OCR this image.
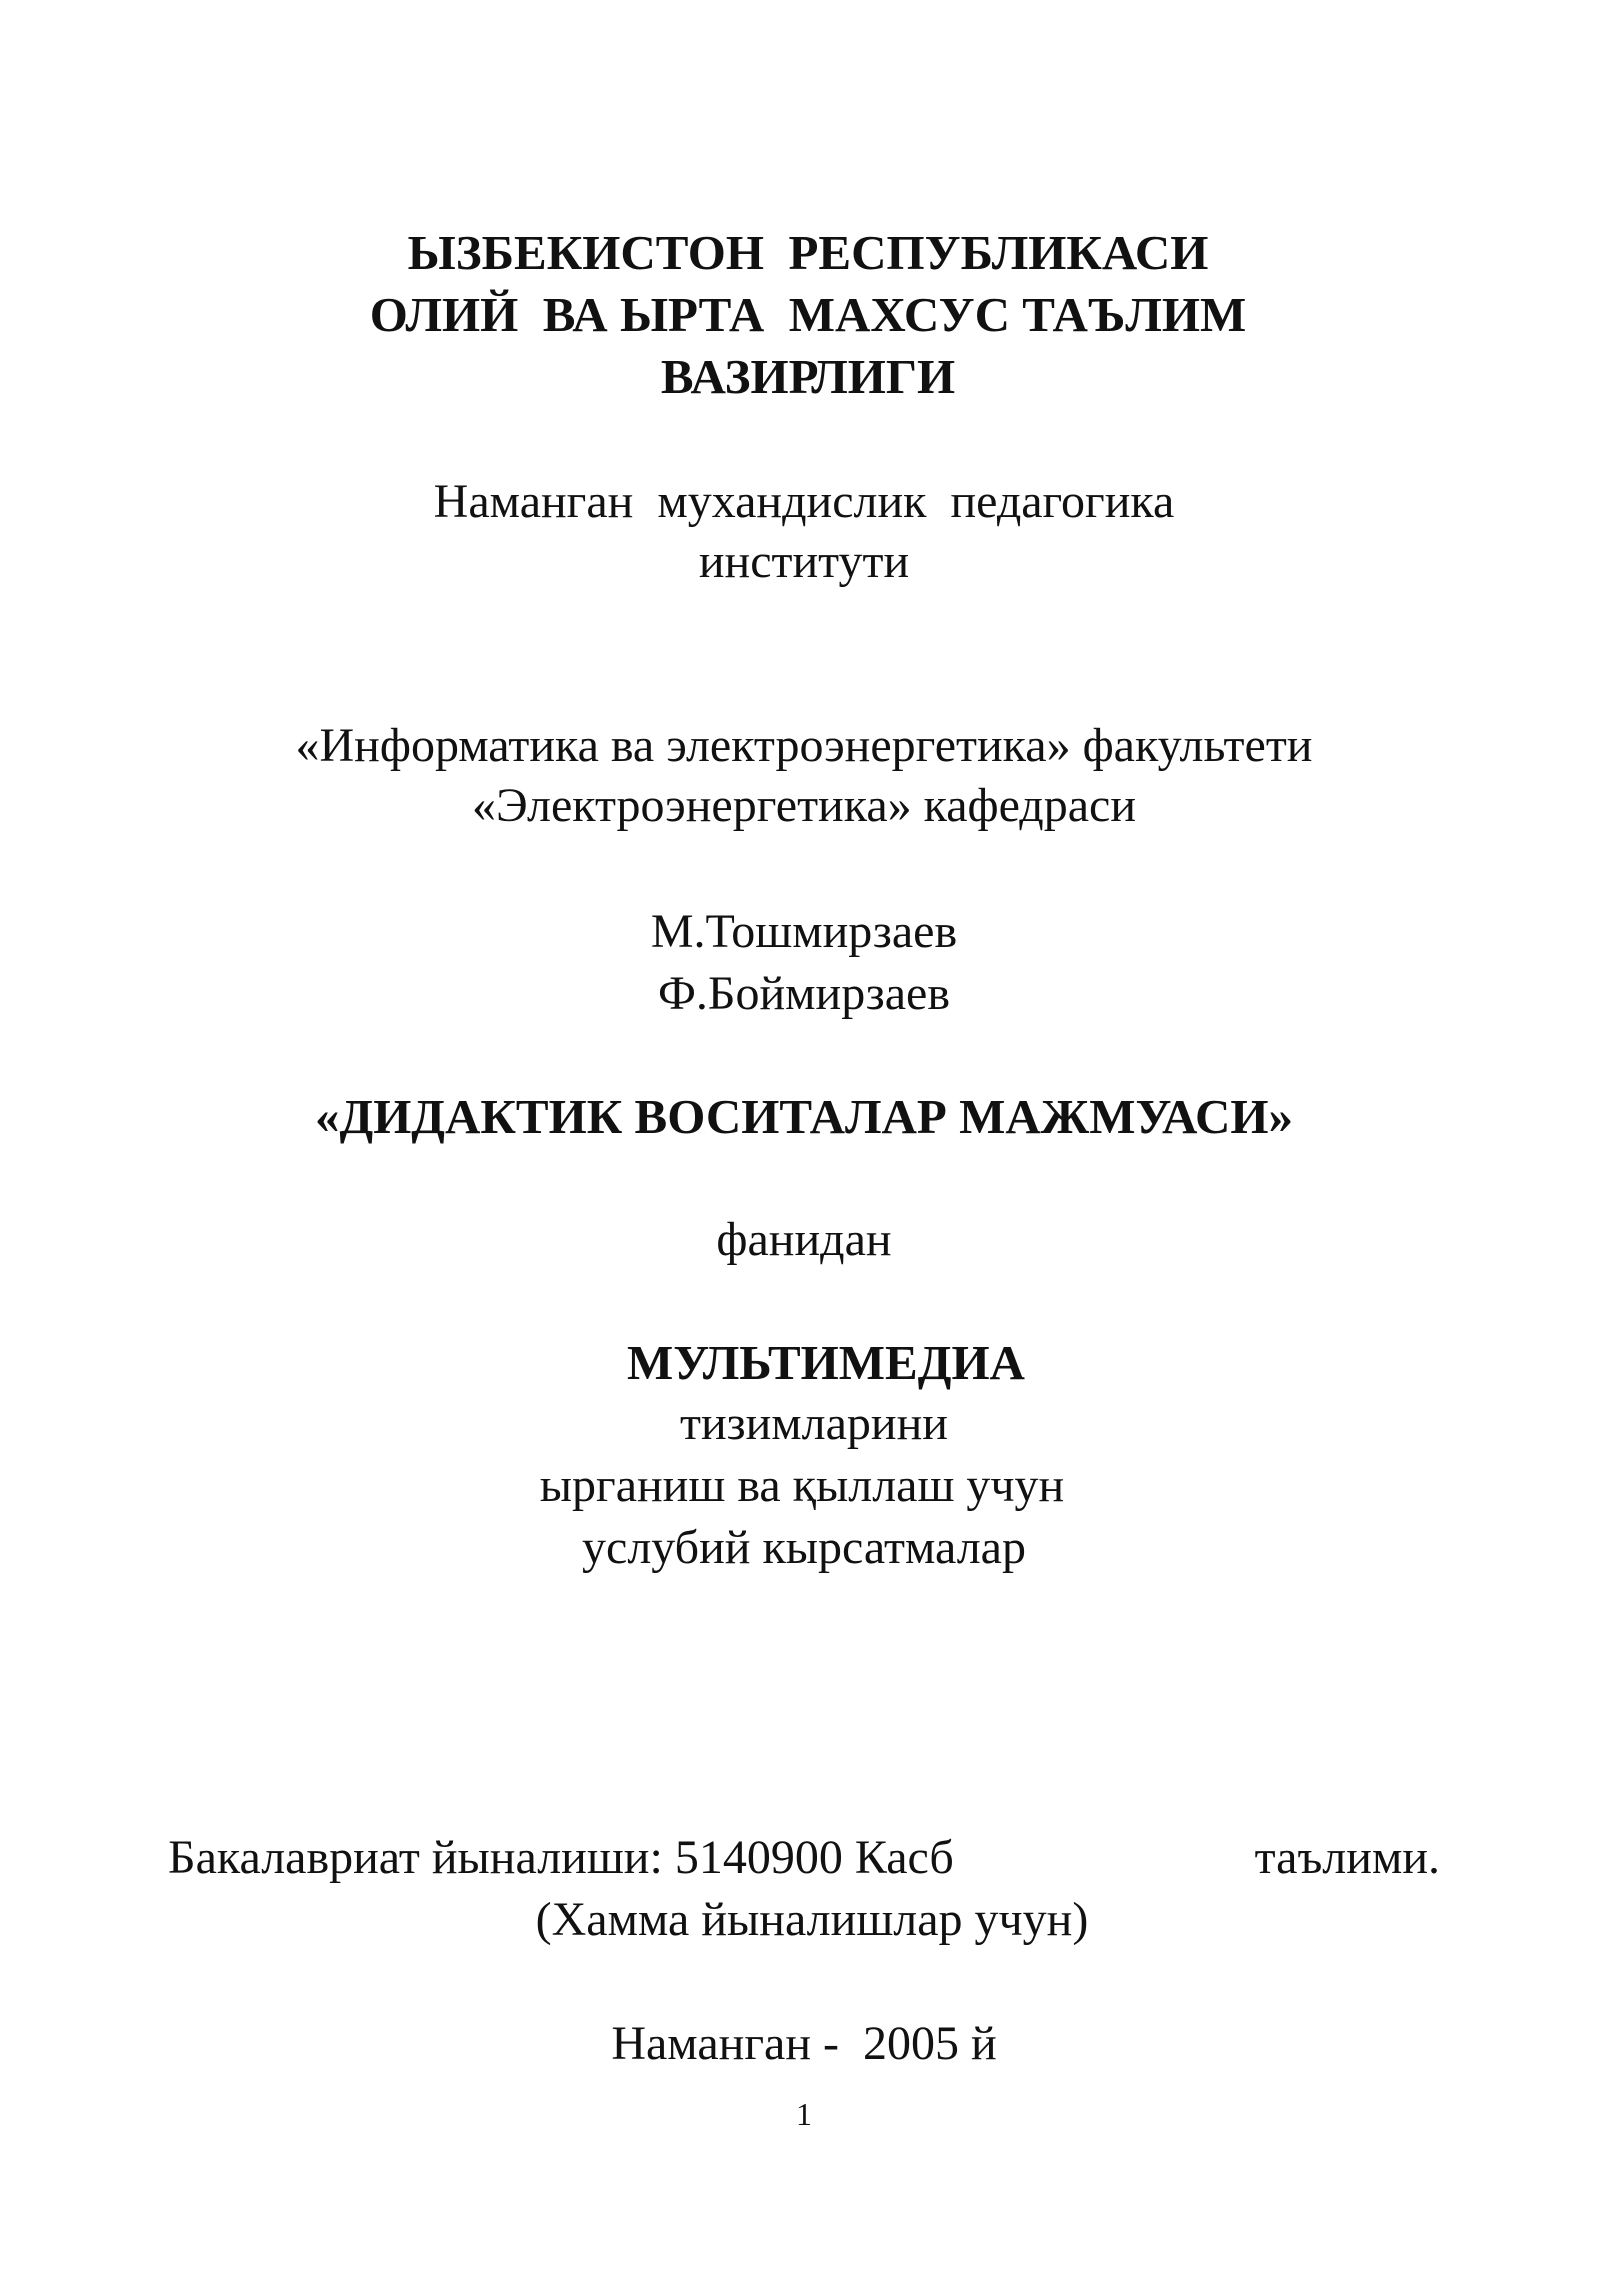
ЫЗБЕКИСТОН  РЕСПУБЛИКАСИ
ОЛИЙ  ВА ЫРТА  МАХСУС ТАЪЛИМ
ВАЗИРЛИГИ
Наманган  мухандислик  педагогика
институти
«Информатика ва электроэнергетика» факультети
«Электроэнергетика» кафедраси
М.Тошмирзаев
Ф.Боймирзаев
«ДИДАКТИК ВОСИТАЛАР МАЖМУАСИ»
фанидан
МУЛЬТИМЕДИА
тизимларини
ырганиш ва қыллаш учун
услубий кырсатмалар

Бакалавриат йыналиши: 5140900 Касб

	таълими.

(Хамма йыналишлар учун)
Наманган -  2005 й
1
